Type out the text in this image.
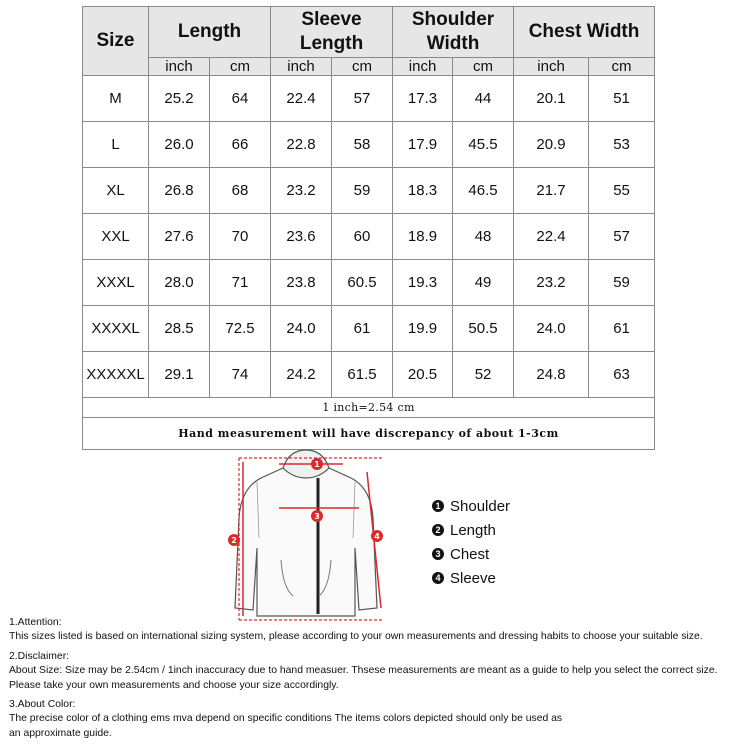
Size	Length		Sleeve
Length		Shoulder
Width		Chest Width	
	inch	cm	inch	cm	inch	cm	inch	cm
M	25.2	64	22.4	57	17.3	44	20.1	51
L	26.0	66	22.8	58	17.9	45.5	20.9	53
XL	26.8	68	23.2	59	18.3	46.5	21.7	55
XXL	27.6	70	23.6	60	18.9	48	22.4	57
XXXL	28.0	71	23.8	60.5	19.3	49	23.2	59
XXXXL	28.5	72.5	24.0	61	19.9	50.5	24.0	61
XXXXXL	29.1	74	24.2	61.5	20.5	52	24.8	63
1 inch=2.54 cm								
Hand measurement will have discrepancy of about 1-3cm								
1
2
3
4
1 Shoulder
2 Length
3 Chest
4 Sleeve

1.Attention:

This sizes listed is based on international sizing system, please according to your own measurements and dressing habits to choose your suitable size.

2.Disclaimer:

About Size: Size may be 2.54cm / 1inch inaccuracy due to hand measuer. Thsese measurements are meant as a guide to help you select the correct size.

Please take your own measurements and choose your size accordingly.

3.About Color:

The precise color of a clothing ems mva depend on specific conditions The items colors depicted should only be used as

an approximate guide.
